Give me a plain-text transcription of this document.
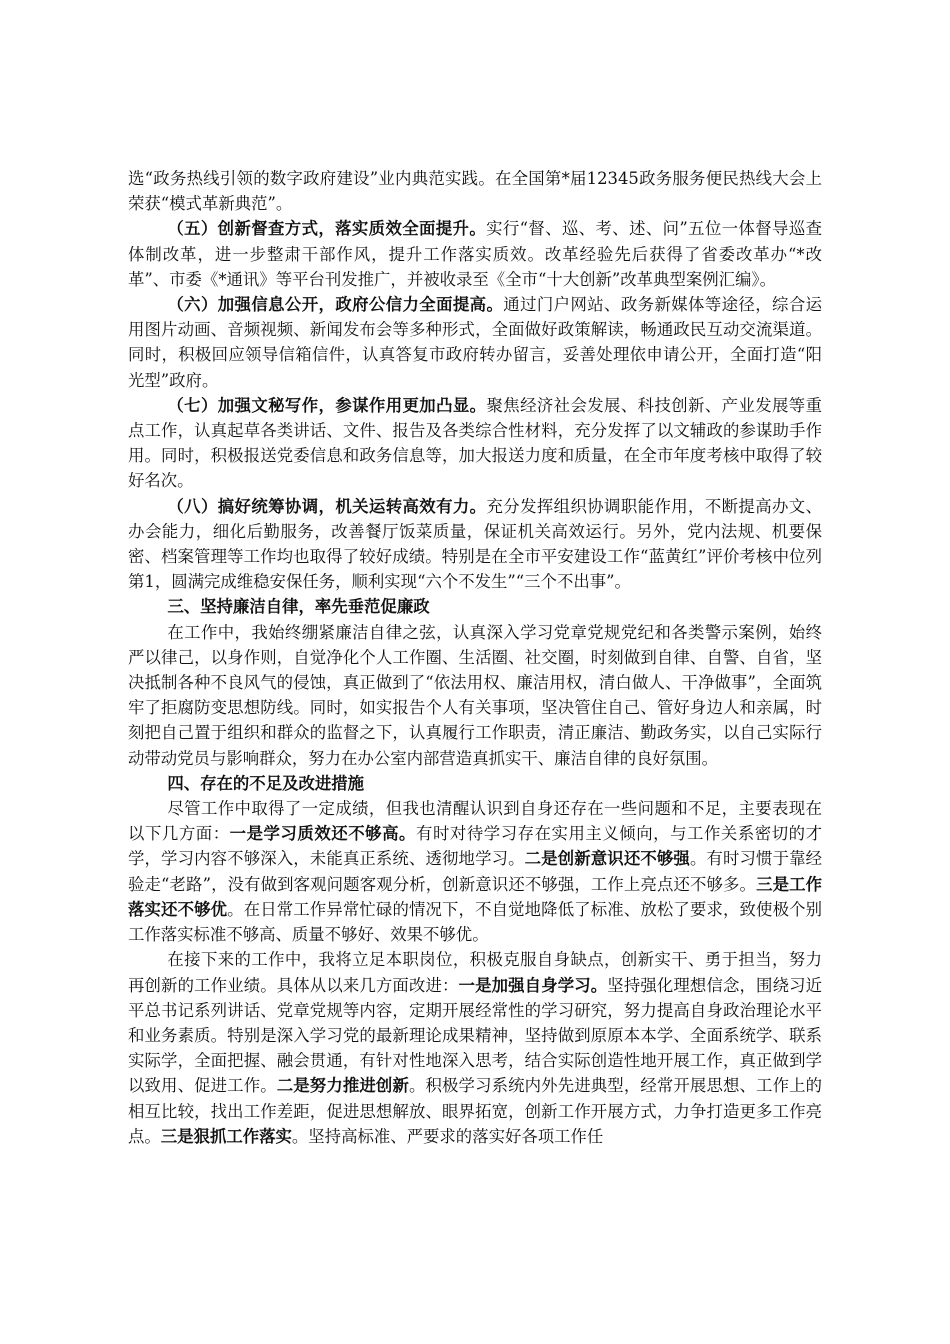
选“政务热线引领的数字政府建设”业内典范实践。在全国第*届12345政务服务便民热线大会上荣获“模式革新典范”。

（五）创新督查方式，落实质效全面提升。实行“督、巡、考、述、问”五位一体督导巡查体制改革，进一步整肃干部作风，提升工作落实质效。改革经验先后获得了省委改革办“*改革”、市委《*通讯》等平台刊发推广，并被收录至《全市“十大创新”改革典型案例汇编》。

（六）加强信息公开，政府公信力全面提高。通过门户网站、政务新媒体等途径，综合运用图片动画、音频视频、新闻发布会等多种形式，全面做好政策解读，畅通政民互动交流渠道。同时，积极回应领导信箱信件，认真答复市政府转办留言，妥善处理依申请公开，全面打造“阳光型”政府。

（七）加强文秘写作，参谋作用更加凸显。聚焦经济社会发展、科技创新、产业发展等重点工作，认真起草各类讲话、文件、报告及各类综合性材料，充分发挥了以文辅政的参谋助手作用。同时，积极报送党委信息和政务信息等，加大报送力度和质量，在全市年度考核中取得了较好名次。

（八）搞好统筹协调，机关运转高效有力。充分发挥组织协调职能作用，不断提高办文、办会能力，细化后勤服务，改善餐厅饭菜质量，保证机关高效运行。另外，党内法规、机要保密、档案管理等工作均也取得了较好成绩。特别是在全市平安建设工作“蓝黄红”评价考核中位列第1，圆满完成维稳安保任务，顺利实现“六个不发生”“三个不出事”。

三、坚持廉洁自律，率先垂范促廉政

在工作中，我始终绷紧廉洁自律之弦，认真深入学习党章党规党纪和各类警示案例，始终严以律己，以身作则，自觉净化个人工作圈、生活圈、社交圈，时刻做到自律、自警、自省，坚决抵制各种不良风气的侵蚀，真正做到了“依法用权、廉洁用权，清白做人、干净做事”，全面筑牢了拒腐防变思想防线。同时，如实报告个人有关事项，坚决管住自己、管好身边人和亲属，时刻把自己置于组织和群众的监督之下，认真履行工作职责，清正廉洁、勤政务实，以自己实际行动带动党员与影响群众，努力在办公室内部营造真抓实干、廉洁自律的良好氛围。

四、存在的不足及改进措施

尽管工作中取得了一定成绩，但我也清醒认识到自身还存在一些问题和不足，主要表现在以下几方面：一是学习质效还不够高。有时对待学习存在实用主义倾向，与工作关系密切的才学，学习内容不够深入，未能真正系统、透彻地学习。二是创新意识还不够强。有时习惯于靠经验走“老路”，没有做到客观问题客观分析，创新意识还不够强，工作上亮点还不够多。三是工作落实还不够优。在日常工作异常忙碌的情况下，不自觉地降低了标准、放松了要求，致使极个别工作落实标准不够高、质量不够好、效果不够优。

在接下来的工作中，我将立足本职岗位，积极克服自身缺点，创新实干、勇于担当，努力再创新的工作业绩。具体从以来几方面改进：一是加强自身学习。坚持强化理想信念，围绕习近平总书记系列讲话、党章党规等内容，定期开展经常性的学习研究，努力提高自身政治理论水平和业务素质。特别是深入学习党的最新理论成果精神，坚持做到原原本本学、全面系统学、联系实际学，全面把握、融会贯通，有针对性地深入思考，结合实际创造性地开展工作，真正做到学以致用、促进工作。二是努力推进创新。积极学习系统内外先进典型，经常开展思想、工作上的相互比较，找出工作差距，促进思想解放、眼界拓宽，创新工作开展方式，力争打造更多工作亮点。三是狠抓工作落实。坚持高标准、严要求的落实好各项工作任
